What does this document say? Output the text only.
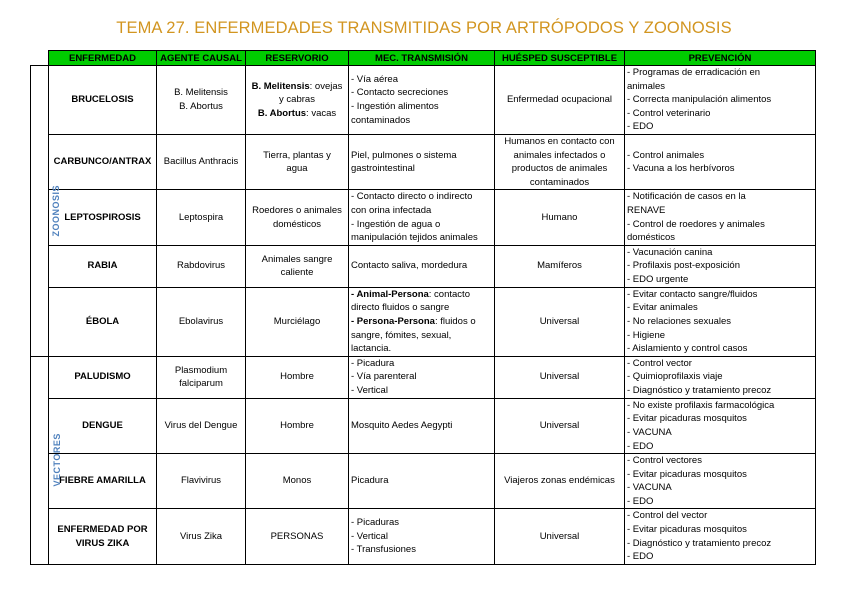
TEMA 27. ENFERMEDADES TRANSMITIDAS POR ARTRÓPODOS Y ZOONOSIS
	ENFERMEDAD	AGENTE CAUSAL	RESERVORIO	MEC. TRANSMISIÓN	HUÉSPED SUSCEPTIBLE	PREVENCIÓN
ZOONOSIS	BRUCELOSIS	B. Melitensis
B. Abortus	B. Melitensis: ovejas
y cabras
B. Abortus: vacas	- Vía aérea
- Contacto secreciones
- Ingestión alimentos
contaminados	Enfermedad ocupacional	- Programas de erradicación en
animales
- Correcta manipulación alimentos
- Control veterinario
- EDO

	CARBUNCO/ANTRAX	Bacillus Anthracis	Tierra, plantas y
agua	Piel, pulmones o sistema
gastrointestinal	Humanos en contacto con
animales infectados o
productos de animales
contaminados	- Control animales
- Vacuna a los herbívoros

	LEPTOSPIROSIS	Leptospira	Roedores o animales
domésticos	- Contacto directo o indirecto
con orina infectada
- Ingestión de agua o
manipulación tejidos animales	Humano	- Notificación de casos en la
RENAVE
- Control de roedores y animales
domésticos

	RABIA	Rabdovirus	Animales sangre
caliente	Contacto saliva, mordedura	Mamíferos	- Vacunación canina
- Profilaxis post-exposición
- EDO urgente

	ÉBOLA	Ebolavirus	Murciélago	- Animal-Persona: contacto
directo fluidos o sangre
- Persona-Persona: fluidos o
sangre, fómites, sexual,
lactancia.	Universal	- Evitar contacto sangre/fluidos
- Evitar animales
- No relaciones sexuales
- Higiene
- Aislamiento y control casos

VECTORES	PALUDISMO	Plasmodium
falciparum	Hombre	- Picadura
- Vía parenteral
- Vertical	Universal	- Control vector
- Quimioprofilaxis viaje
- Diagnóstico y tratamiento precoz

	DENGUE	Virus del Dengue	Hombre	Mosquito Aedes Aegypti	Universal	- No existe profilaxis farmacológica
- Evitar picaduras mosquitos
- VACUNA
- EDO

	FIEBRE AMARILLA	Flavivirus	Monos	Picadura	Viajeros zonas endémicas	- Control vectores
- Evitar picaduras mosquitos
- VACUNA
- EDO

	ENFERMEDAD POR
VIRUS ZIKA	Virus Zika	PERSONAS	- Picaduras
- Vertical
- Transfusiones	Universal	- Control del vector
- Evitar picaduras mosquitos
- Diagnóstico y tratamiento precoz
- EDO
